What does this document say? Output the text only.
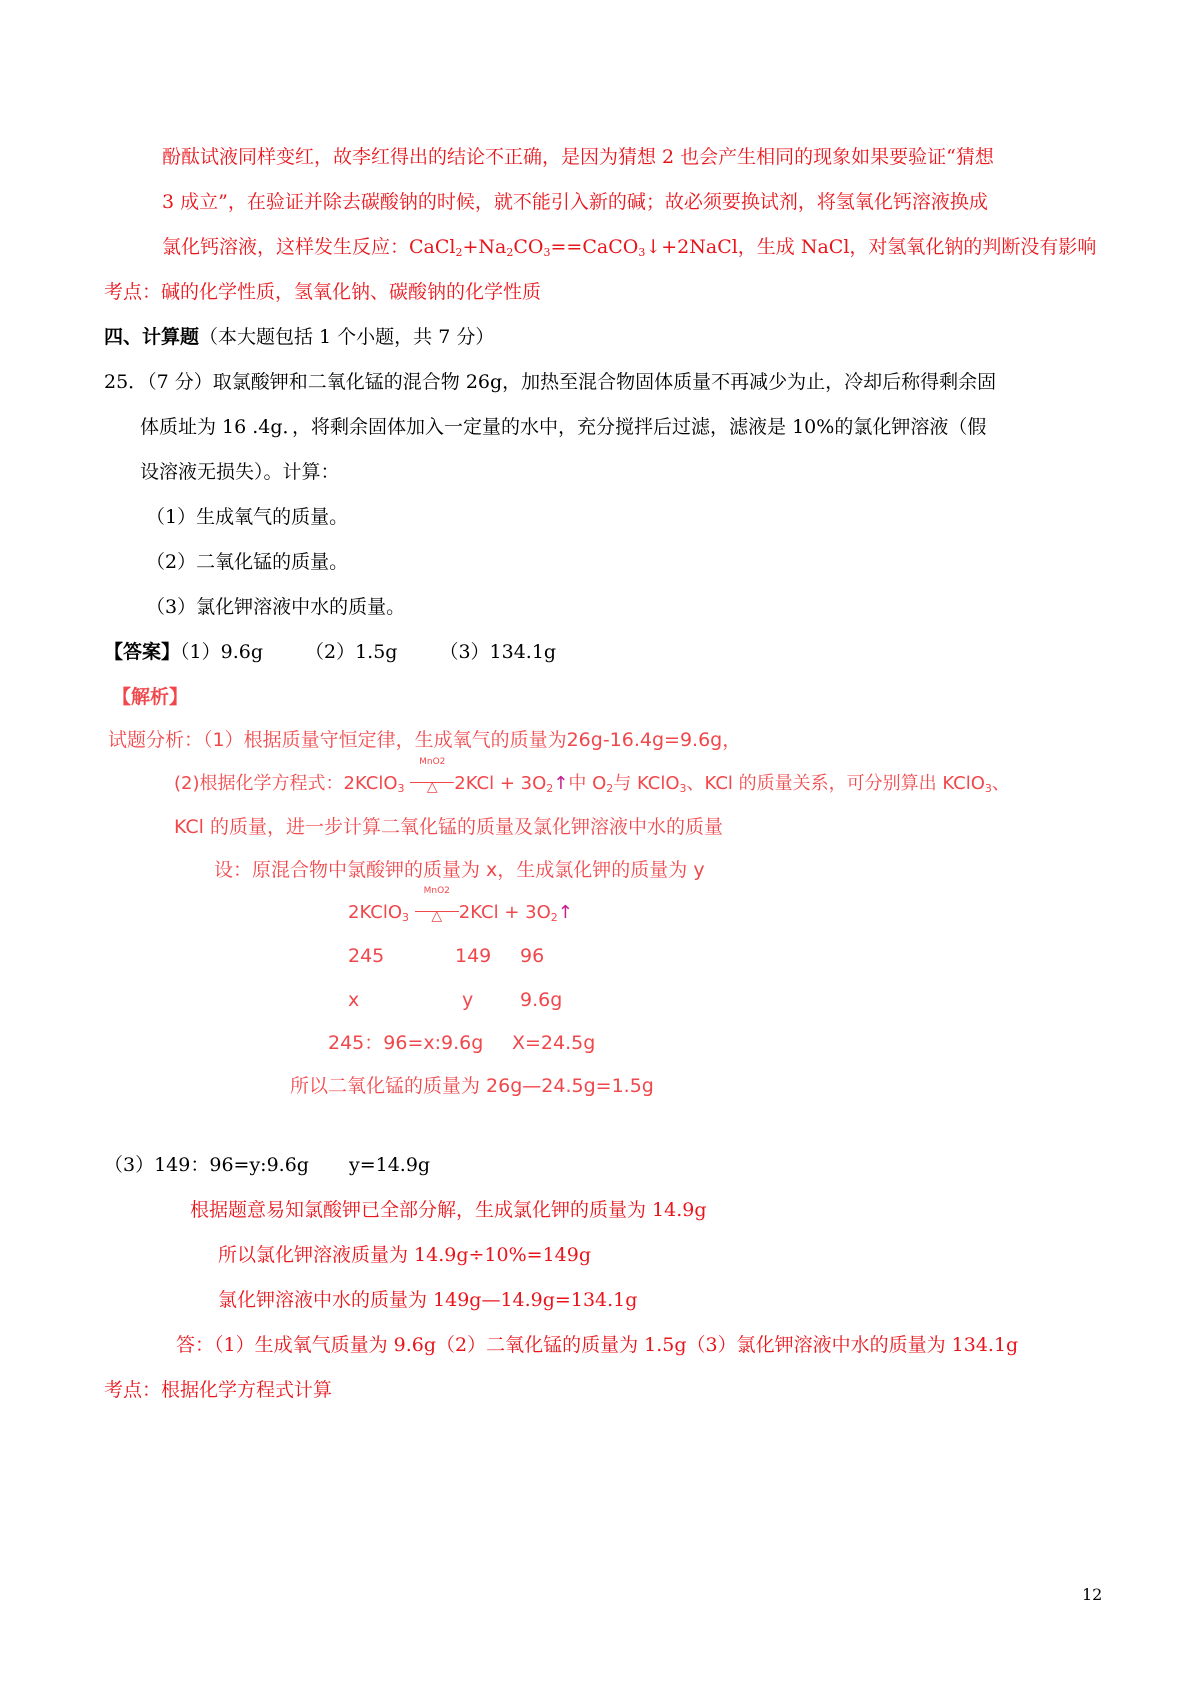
酚酞试液同样变红，故李红得出的结论不正确，是因为猜想 2 也会产生相同的现象如果要验证“猜想
3 成立”，在验证并除去碳酸钠的时候，就不能引入新的碱；故必须要换试剂，将氢氧化钙溶液换成
氯化钙溶液，这样发生反应：$CaCl_2+Na_2CO_3==CaCO_3↓+2NaCl$，生成 NaCl，对氢氧化钠的判断没有影响
考点：碱的化学性质，氢氧化钠、碳酸钠的化学性质
四、计算题（本大题包括 1 个小题，共 7 分）
25．（7 分）取氯酸钾和二氧化锰的混合物 26g，加热至混合物固体质量不再减少为止，冷却后称得剩余固
体质址为 16 .4g．，将剩余固体加入一定量的水中，充分搅拌后过滤，滤液是 10%的氯化钾溶液（假
设溶液无损失）。计算：
（1）生成氧气的质量。
（2）二氧化锰的质量。
（3）氯化钾溶液中水的质量。
【答案】（1）9.6g （2）1.5g （3）134.1g
【解析】
试题分析：（1）根据质量守恒定律，生成氧气的质量为26g-16.4g=9.6g，
(2)根据化学方程式：2KClO$_3$
MnO2
△ $2KCl + 3O_2↑$中 $O_2$与 KClO$_3$、KCl 的质量关系，可分别算出 KClO$_3$、
KCl 的质量，进一步计算二氧化锰的质量及氯化钾溶液中水的质量
设：原混合物中氯酸钾的质量为 x，生成氯化钾的质量为 y
2KClO$_3$
MnO2
△ $2KCl + 3O_2↑$
245	149 96
x	y 9.6g
245：96=x:9.6g X=24.5g
所以二氧化锰的质量为 26g—24.5g=1.5g
（3）149：96=y:9.6g y=14.9g
根据题意易知氯酸钾已全部分解，生成氯化钾的质量为 14.9g
所以氯化钾溶液质量为 14.9g÷10%=149g
氯化钾溶液中水的质量为 149g—14.9g=134.1g
答：（1）生成氧气质量为 9.6g（2）二氧化锰的质量为 1.5g（3）氯化钾溶液中水的质量为 134.1g
考点：根据化学方程式计算
12
